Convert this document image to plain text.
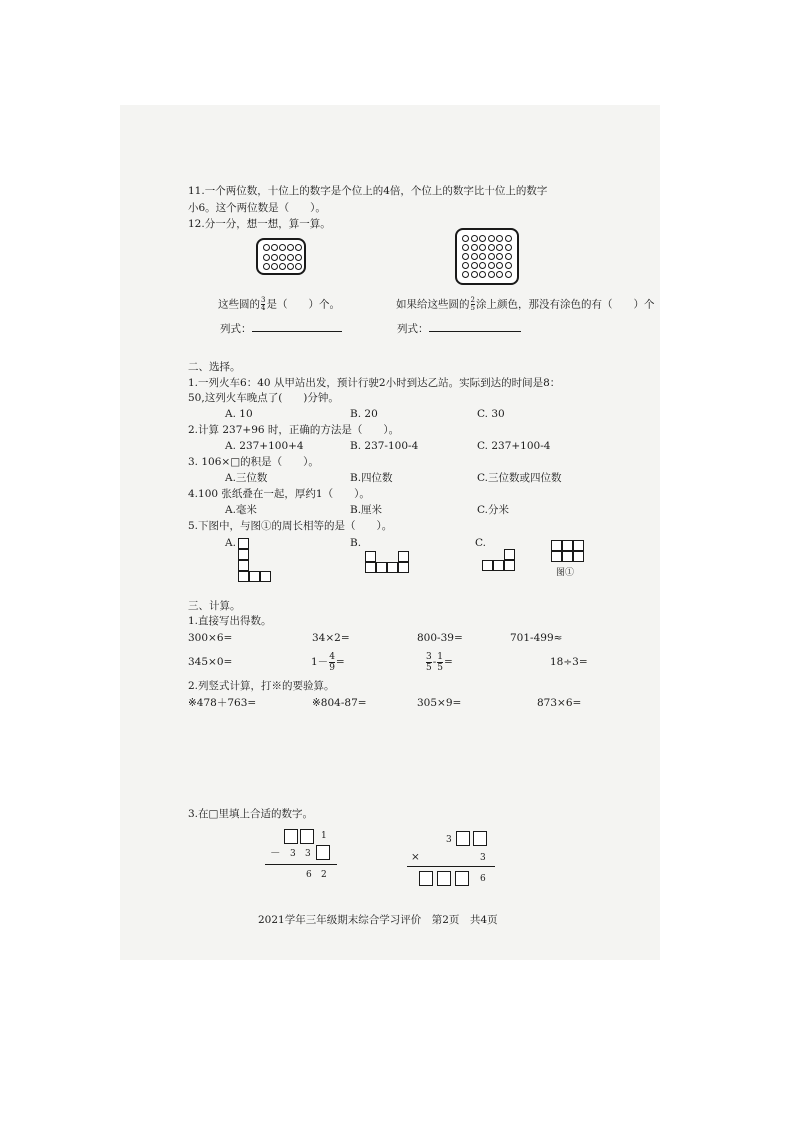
11.一个两位数，十位上的数字是个位上的4倍，个位上的数字比十位上的数字
小6。这个两位数是（　　）。
12.分一分，想一想，算一算。
这些圆的 $\frac{3}{4}$ 是（　　）个。	如果给这些圆的 $\frac{2}{5}$ 涂上颜色，那没有涂色的有（　　）个
列式：	列式：
二、选择。
1.一列火车6：40 从甲站出发，预计行驶2小时到达乙站。实际到达的时间是8：
50,这列火车晚点了(　　)分钟。
A. 10	B. 20	C. 30
2.计算 237+96 时，正确的方法是（　　）。
A. 237+100+4	B. 237-100-4	C. 237+100-4
3. 106×□的积是（　　）。
A.三位数	B.四位数	C.三位数或四位数
4.100 张纸叠在一起，厚约1（　　）。
A.毫米	B.厘米	C.分米
5.下图中，与图①的周长相等的是（　　）。
A.	B.	C.
图①
三、计算。
1.直接写出得数。
300×6=	34×2=	800-39=	701-499≈
345×0=	$1- \frac{4}{9}$ =	$\frac{3}{5} - \frac{1}{5}$ =	18÷3=
2.列竖式计算，打※的要验算。
※478＋763=	※804-87=	305×9=	873×6=
3.在□里填上合适的数字。
1
－ 3 3
6 2
3
×	3
6
2021学年三年级期末综合学习评价　第2页　共4页
